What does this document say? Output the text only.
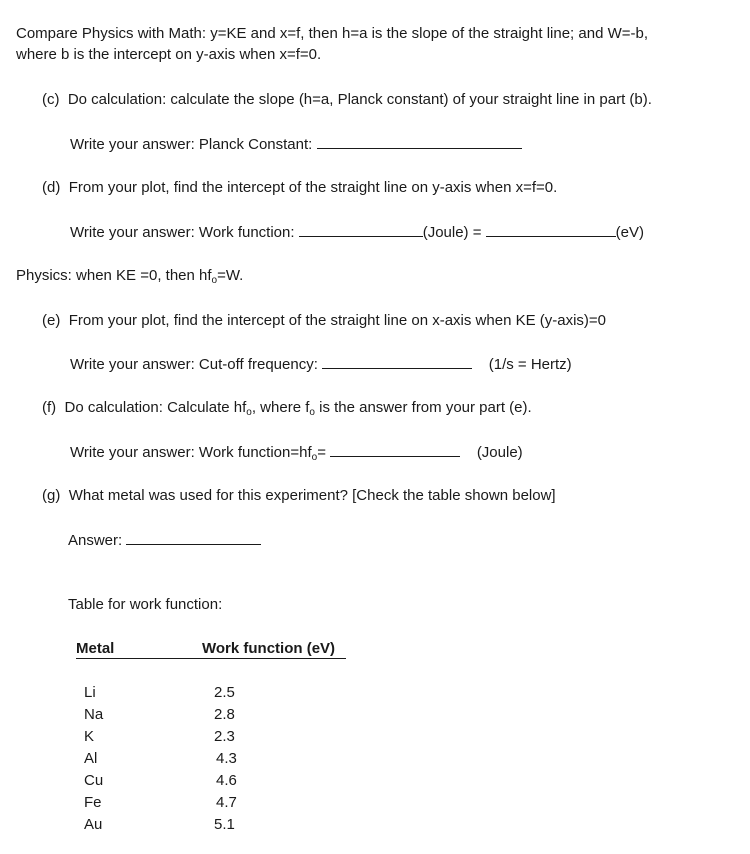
Compare Physics with Math: y=KE and x=f, then h=a is the slope of the straight line; and W=-b,
where b is the intercept on y-axis when x=f=0.
(c) Do calculation: calculate the slope (h=a, Planck constant) of your straight line in part (b).
Write your answer: Planck Constant:
(d) From your plot, find the intercept of the straight line on y-axis when x=f=0.
Write your answer: Work function:	(Joule) =	(eV)
Physics: when KE =0, then $hf_o=W$.
(e) From your plot, find the intercept of the straight line on x-axis when KE (y-axis)=0
Write your answer: Cut-off frequency:	(1/s = Hertz)
(f) Do calculation: Calculate $hf_o$, where $f_o$ is the answer from your part (e).
Write your answer: Work $function=hf_o=$	(Joule)
(g) What metal was used for this experiment? [Check the table shown below]
Answer:
Table for work function:
Metal	Work function (eV)
Li	2.5
Na	2.8
K	2.3
Al	4.3
Cu	4.6
Fe	4.7
Au	5.1
